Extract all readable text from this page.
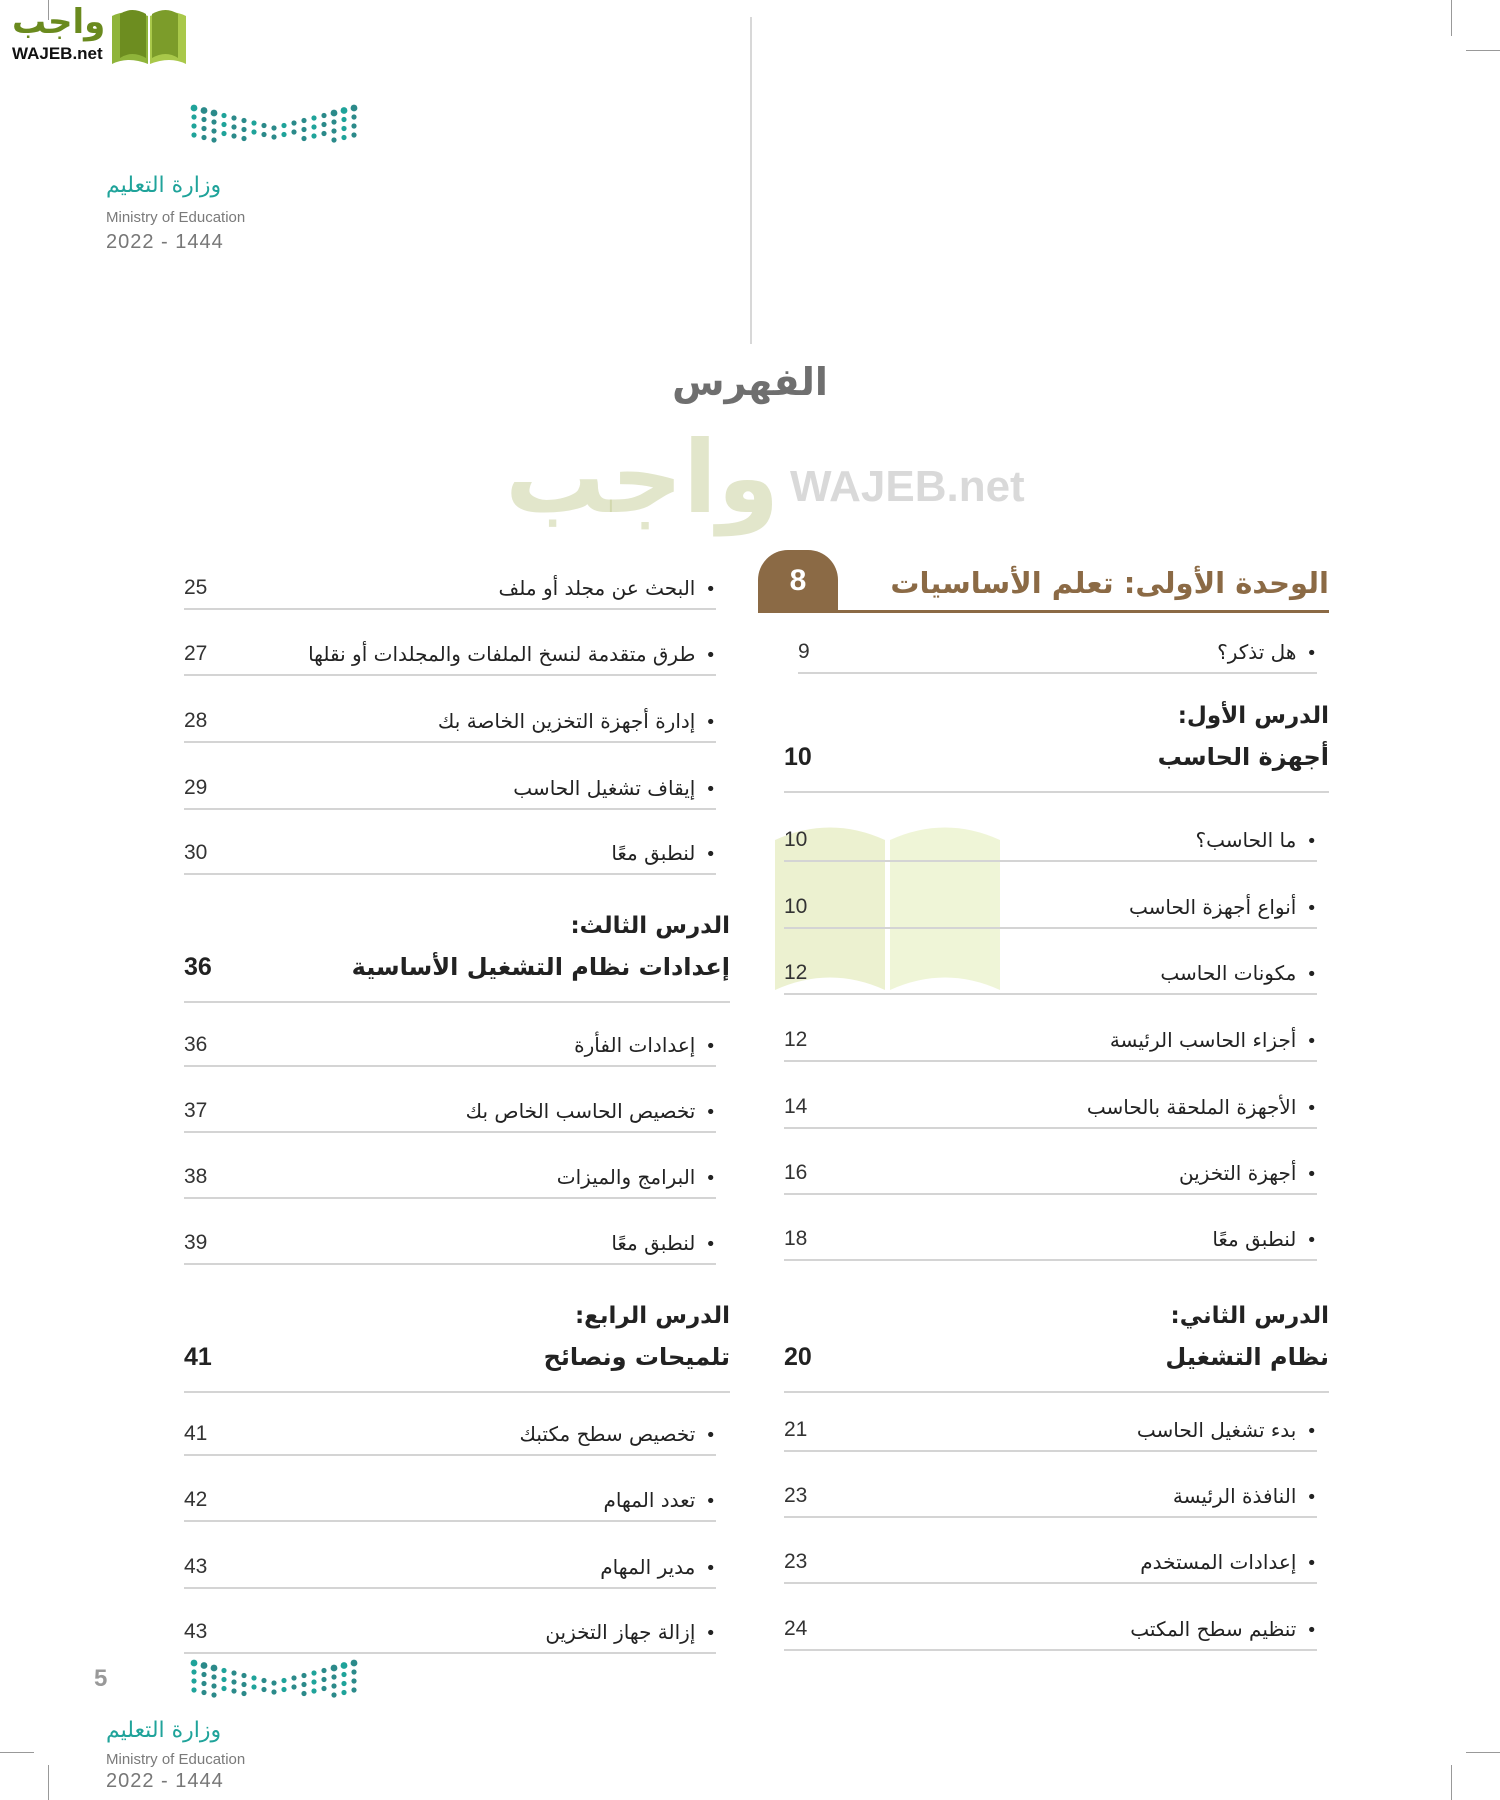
واجب
WAJEB.net
وزارة التعليم
Ministry of Education
2022 - 1444
الفهرس
واجب WAJEB.net
8	الوحدة الأولى: تعلم الأساسيات
• هل تذكر؟
9
الدرس الأول:
أجهزة الحاسب
10
• ما الحاسب؟
10
• أنواع أجهزة الحاسب
10
• مكونات الحاسب
12
• أجزاء الحاسب الرئيسة
12
• الأجهزة الملحقة بالحاسب
14
• أجهزة التخزين
16
• لنطبق معًا
18
الدرس الثاني:
نظام التشغيل
20
• بدء تشغيل الحاسب
21
• النافذة الرئيسة
23
• إعدادات المستخدم
23
• تنظيم سطح المكتب
24
• البحث عن مجلد أو ملف
25
• طرق متقدمة لنسخ الملفات والمجلدات أو نقلها
27
• إدارة أجهزة التخزين الخاصة بك
28
• إيقاف تشغيل الحاسب
29
• لنطبق معًا
30
الدرس الثالث:
إعدادات نظام التشغيل الأساسية
36
• إعدادات الفأرة
36
• تخصيص الحاسب الخاص بك
37
• البرامج والميزات
38
• لنطبق معًا
39
الدرس الرابع:
تلميحات ونصائح
41
• تخصيص سطح مكتبك
41
• تعدد المهام
42
• مدير المهام
43
• إزالة جهاز التخزين
43
وزارة التعليم
Ministry of Education
2022 - 1444
5
